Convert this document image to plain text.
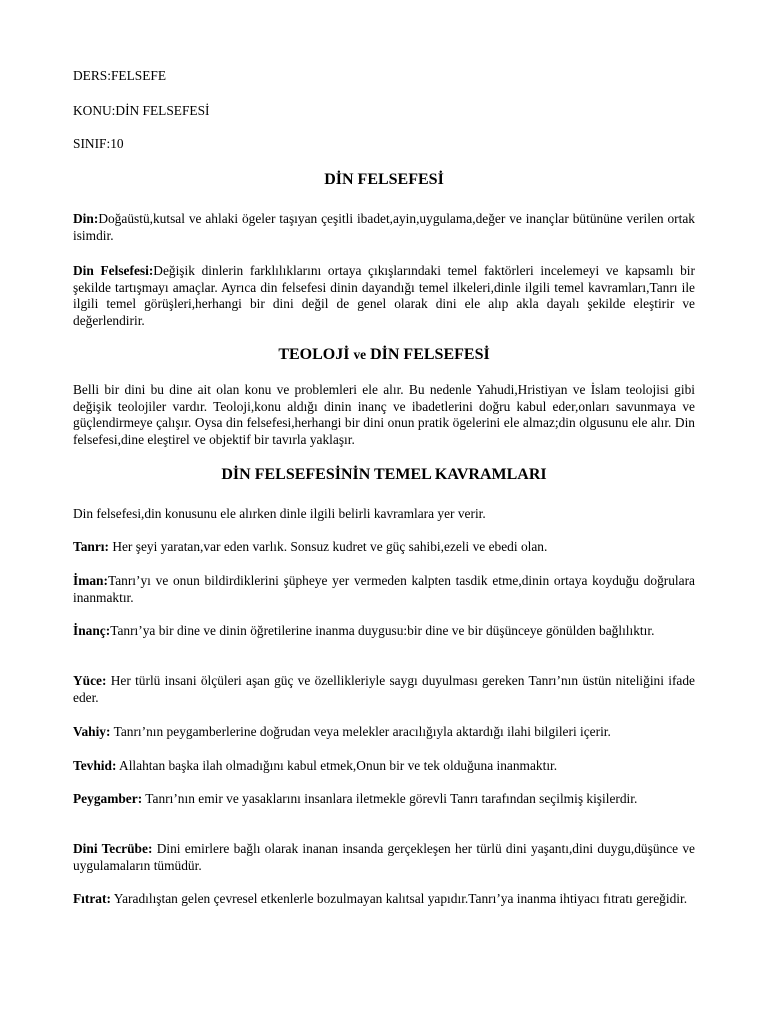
DERS:FELSEFE

KONU:DİN FELSEFESİ

SINIF:10

DİN FELSEFESİ

Din:Doğaüstü,kutsal ve ahlaki ögeler taşıyan çeşitli ibadet,ayin,uygulama,değer ve inançlar bütününe verilen ortak isimdir.

Din Felsefesi:Değişik dinlerin farklılıklarını ortaya çıkışlarındaki temel faktörleri incelemeyi ve kapsamlı bir şekilde tartışmayı amaçlar. Ayrıca din felsefesi dinin dayandığı temel ilkeleri,dinle ilgili temel kavramları,Tanrı ile ilgili temel görüşleri,herhangi bir dini değil de genel olarak dini ele alıp akla dayalı şekilde eleştirir ve değerlendirir.

TEOLOJİ ve DİN FELSEFESİ

Belli bir dini bu dine ait olan konu ve problemleri ele alır. Bu nedenle Yahudi,Hristiyan ve İslam teolojisi gibi değişik teolojiler vardır. Teoloji,konu aldığı dinin inanç ve ibadetlerini doğru kabul eder,onları savunmaya ve güçlendirmeye çalışır. Oysa din felsefesi,herhangi bir dini onun pratik ögelerini ele almaz;din olgusunu ele alır. Din felsefesi,dine eleştirel ve objektif bir tavırla yaklaşır.

DİN FELSEFESİNİN TEMEL KAVRAMLARI

Din felsefesi,din konusunu ele alırken dinle ilgili belirli kavramlara yer verir.

Tanrı: Her şeyi yaratan,var eden varlık. Sonsuz kudret ve güç sahibi,ezeli ve ebedi olan.

İman:Tanrı’yı ve onun bildirdiklerini şüpheye yer vermeden kalpten tasdik etme,dinin ortaya koyduğu doğrulara inanmaktır.

İnanç:Tanrı’ya bir dine ve dinin öğretilerine inanma duygusu:bir dine ve bir düşünceye gönülden bağlılıktır.

Yüce: Her türlü insani ölçüleri aşan güç ve özellikleriyle saygı duyulması gereken Tanrı’nın üstün niteliğini ifade eder.

Vahiy: Tanrı’nın peygamberlerine doğrudan veya melekler aracılığıyla aktardığı ilahi bilgileri içerir.

Tevhid: Allahtan başka ilah olmadığını kabul etmek,Onun bir ve tek olduğuna inanmaktır.

Peygamber: Tanrı’nın emir ve yasaklarını insanlara iletmekle görevli Tanrı tarafından seçilmiş kişilerdir.

Dini Tecrübe: Dini emirlere bağlı olarak inanan insanda gerçekleşen her türlü dini yaşantı,dini duygu,düşünce ve uygulamaların tümüdür.

Fıtrat: Yaradılıştan gelen çevresel etkenlerle bozulmayan kalıtsal yapıdır.Tanrı’ya inanma ihtiyacı fıtratı gereğidir.
